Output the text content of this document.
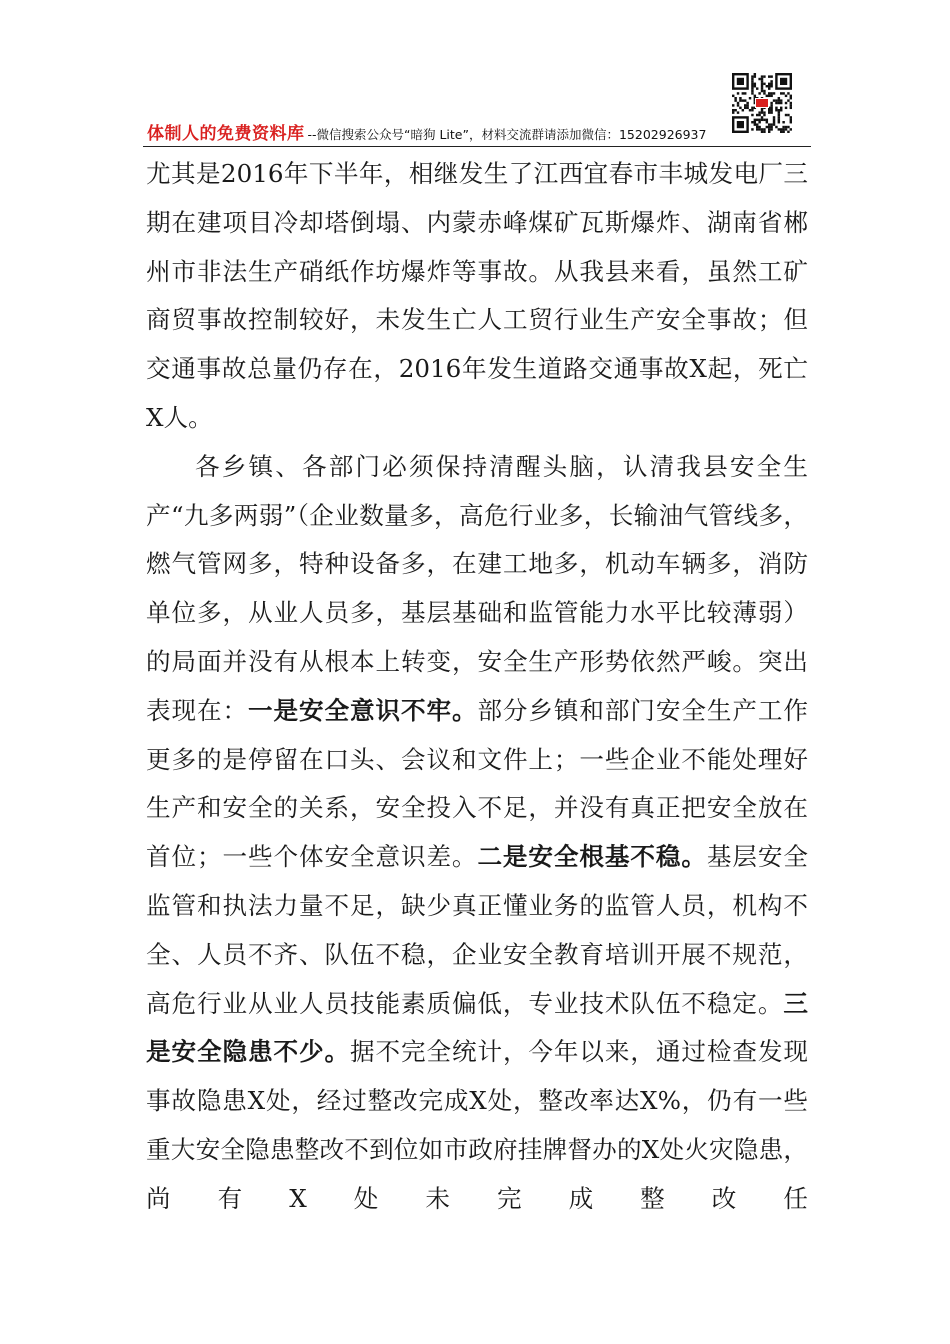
体制人的免费资料库 --微信搜索公众号“暗狗 Lite”，材料交流群请添加微信：15202926937

尤其是2016年下半年，相继发生了江西宜春市丰城发电厂三期在建项目冷却塔倒塌、内蒙赤峰煤矿瓦斯爆炸、湖南省郴州市非法生产硝纸作坊爆炸等事故。从我县来看，虽然工矿商贸事故控制较好，未发生亡人工贸行业生产安全事故；但交通事故总量仍存在，2016年发生道路交通事故X起，死亡X人。

各乡镇、各部门必须保持清醒头脑，认清我县安全生产“九多两弱”（企业数量多，高危行业多，长输油气管线多，燃气管网多，特种设备多，在建工地多，机动车辆多，消防单位多，从业人员多，基层基础和监管能力水平比较薄弱）的局面并没有从根本上转变，安全生产形势依然严峻。突出表现在：一是安全意识不牢。部分乡镇和部门安全生产工作更多的是停留在口头、会议和文件上；一些企业不能处理好生产和安全的关系，安全投入不足，并没有真正把安全放在首位；一些个体安全意识差。二是安全根基不稳。基层安全监管和执法力量不足，缺少真正懂业务的监管人员，机构不全、人员不齐、队伍不稳，企业安全教育培训开展不规范，高危行业从业人员技能素质偏低，专业技术队伍不稳定。三是安全隐患不少。据不完全统计，今年以来，通过检查发现事故隐患X处，经过整改完成X处，整改率达X%，仍有一些重大安全隐患整改不到位如市政府挂牌督办的X处火灾隐患，尚有X处未完成整改任
